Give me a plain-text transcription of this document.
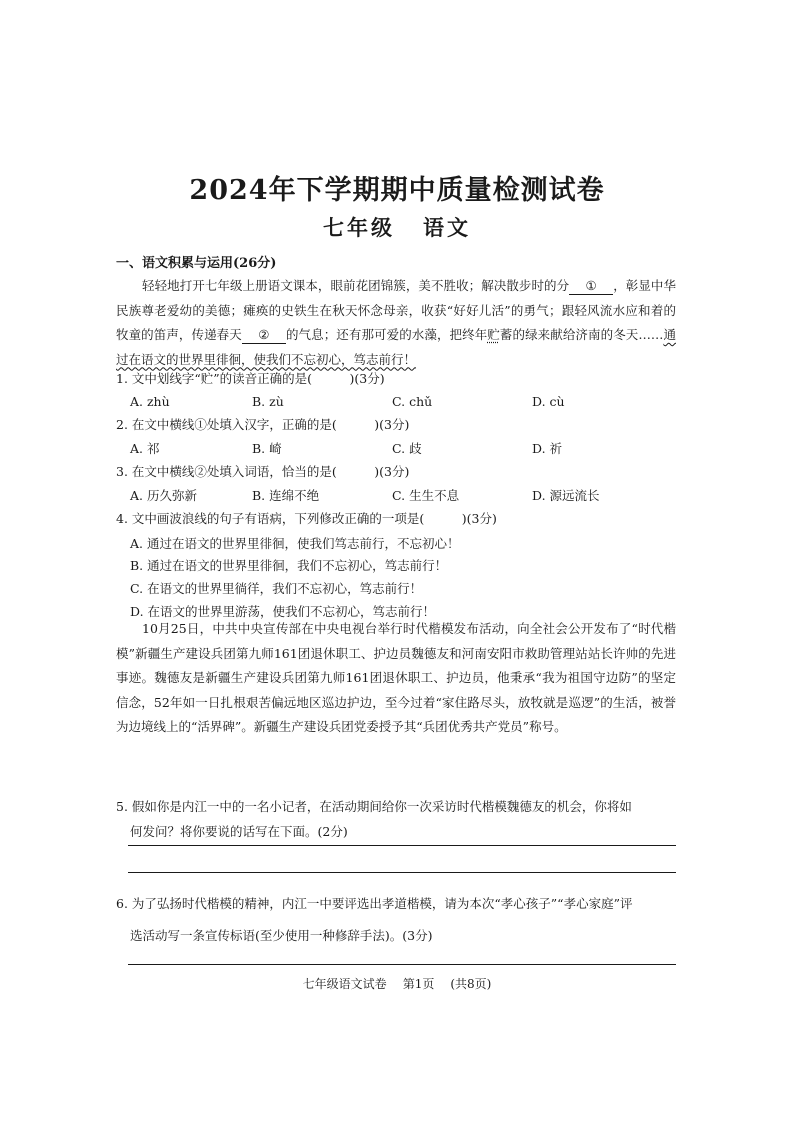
2024年下学期期中质量检测试卷
七年级 语文
一、语文积累与运用(26分)
轻轻地打开七年级上册语文课本，眼前花团锦簇，美不胜收；解决散步时的分 ① ，彰显中华民族尊老爱幼的美德；瘫痪的史铁生在秋天怀念母亲，收获“好好儿活”的勇气；跟轻风流水应和着的牧童的笛声，传递春天 ② 的气息；还有那可爱的水藻，把终年贮蓄的绿来献给济南的冬天……通过在语文的世界里徘徊，使我们不忘初心，笃志前行！
1. 文中划线字“贮”的读音正确的是(　　　)(3分)
A. zhù	B. zù	C. chǔ	D. cù
2. 在文中横线①处填入汉字，正确的是(　　　)(3分)
A. 祁	B. 崎	C. 歧	D. 祈
3. 在文中横线②处填入词语，恰当的是(　　　)(3分)
A. 历久弥新	B. 连绵不绝	C. 生生不息	D. 源远流长
4. 文中画波浪线的句子有语病，下列修改正确的一项是(　　　)(3分)
A. 通过在语文的世界里徘徊，使我们笃志前行，不忘初心！
B. 通过在语文的世界里徘徊，我们不忘初心，笃志前行！
C. 在语文的世界里徜徉，我们不忘初心，笃志前行！
D. 在语文的世界里游荡，使我们不忘初心，笃志前行！
10月25日，中共中央宣传部在中央电视台举行时代楷模发布活动，向全社会公开发布了“时代楷模”新疆生产建设兵团第九师161团退休职工、护边员魏德友和河南安阳市救助管理站站长许帅的先进事迹。魏德友是新疆生产建设兵团第九师161团退休职工、护边员，他秉承“我为祖国守边防”的坚定信念，52年如一日扎根艰苦偏远地区巡边护边，至今过着“家住路尽头，放牧就是巡逻”的生活，被誉为边境线上的“活界碑”。新疆生产建设兵团党委授予其“兵团优秀共产党员”称号。
5. 假如你是内江一中的一名小记者，在活动期间给你一次采访时代楷模魏德友的机会，你将如
何发问？将你要说的话写在下面。(2分)
6. 为了弘扬时代楷模的精神，内江一中要评选出孝道楷模，请为本次“孝心孩子”“孝心家庭”评
选活动写一条宣传标语(至少使用一种修辞手法)。(3分)
七年级语文试卷 第1页 (共8页)
